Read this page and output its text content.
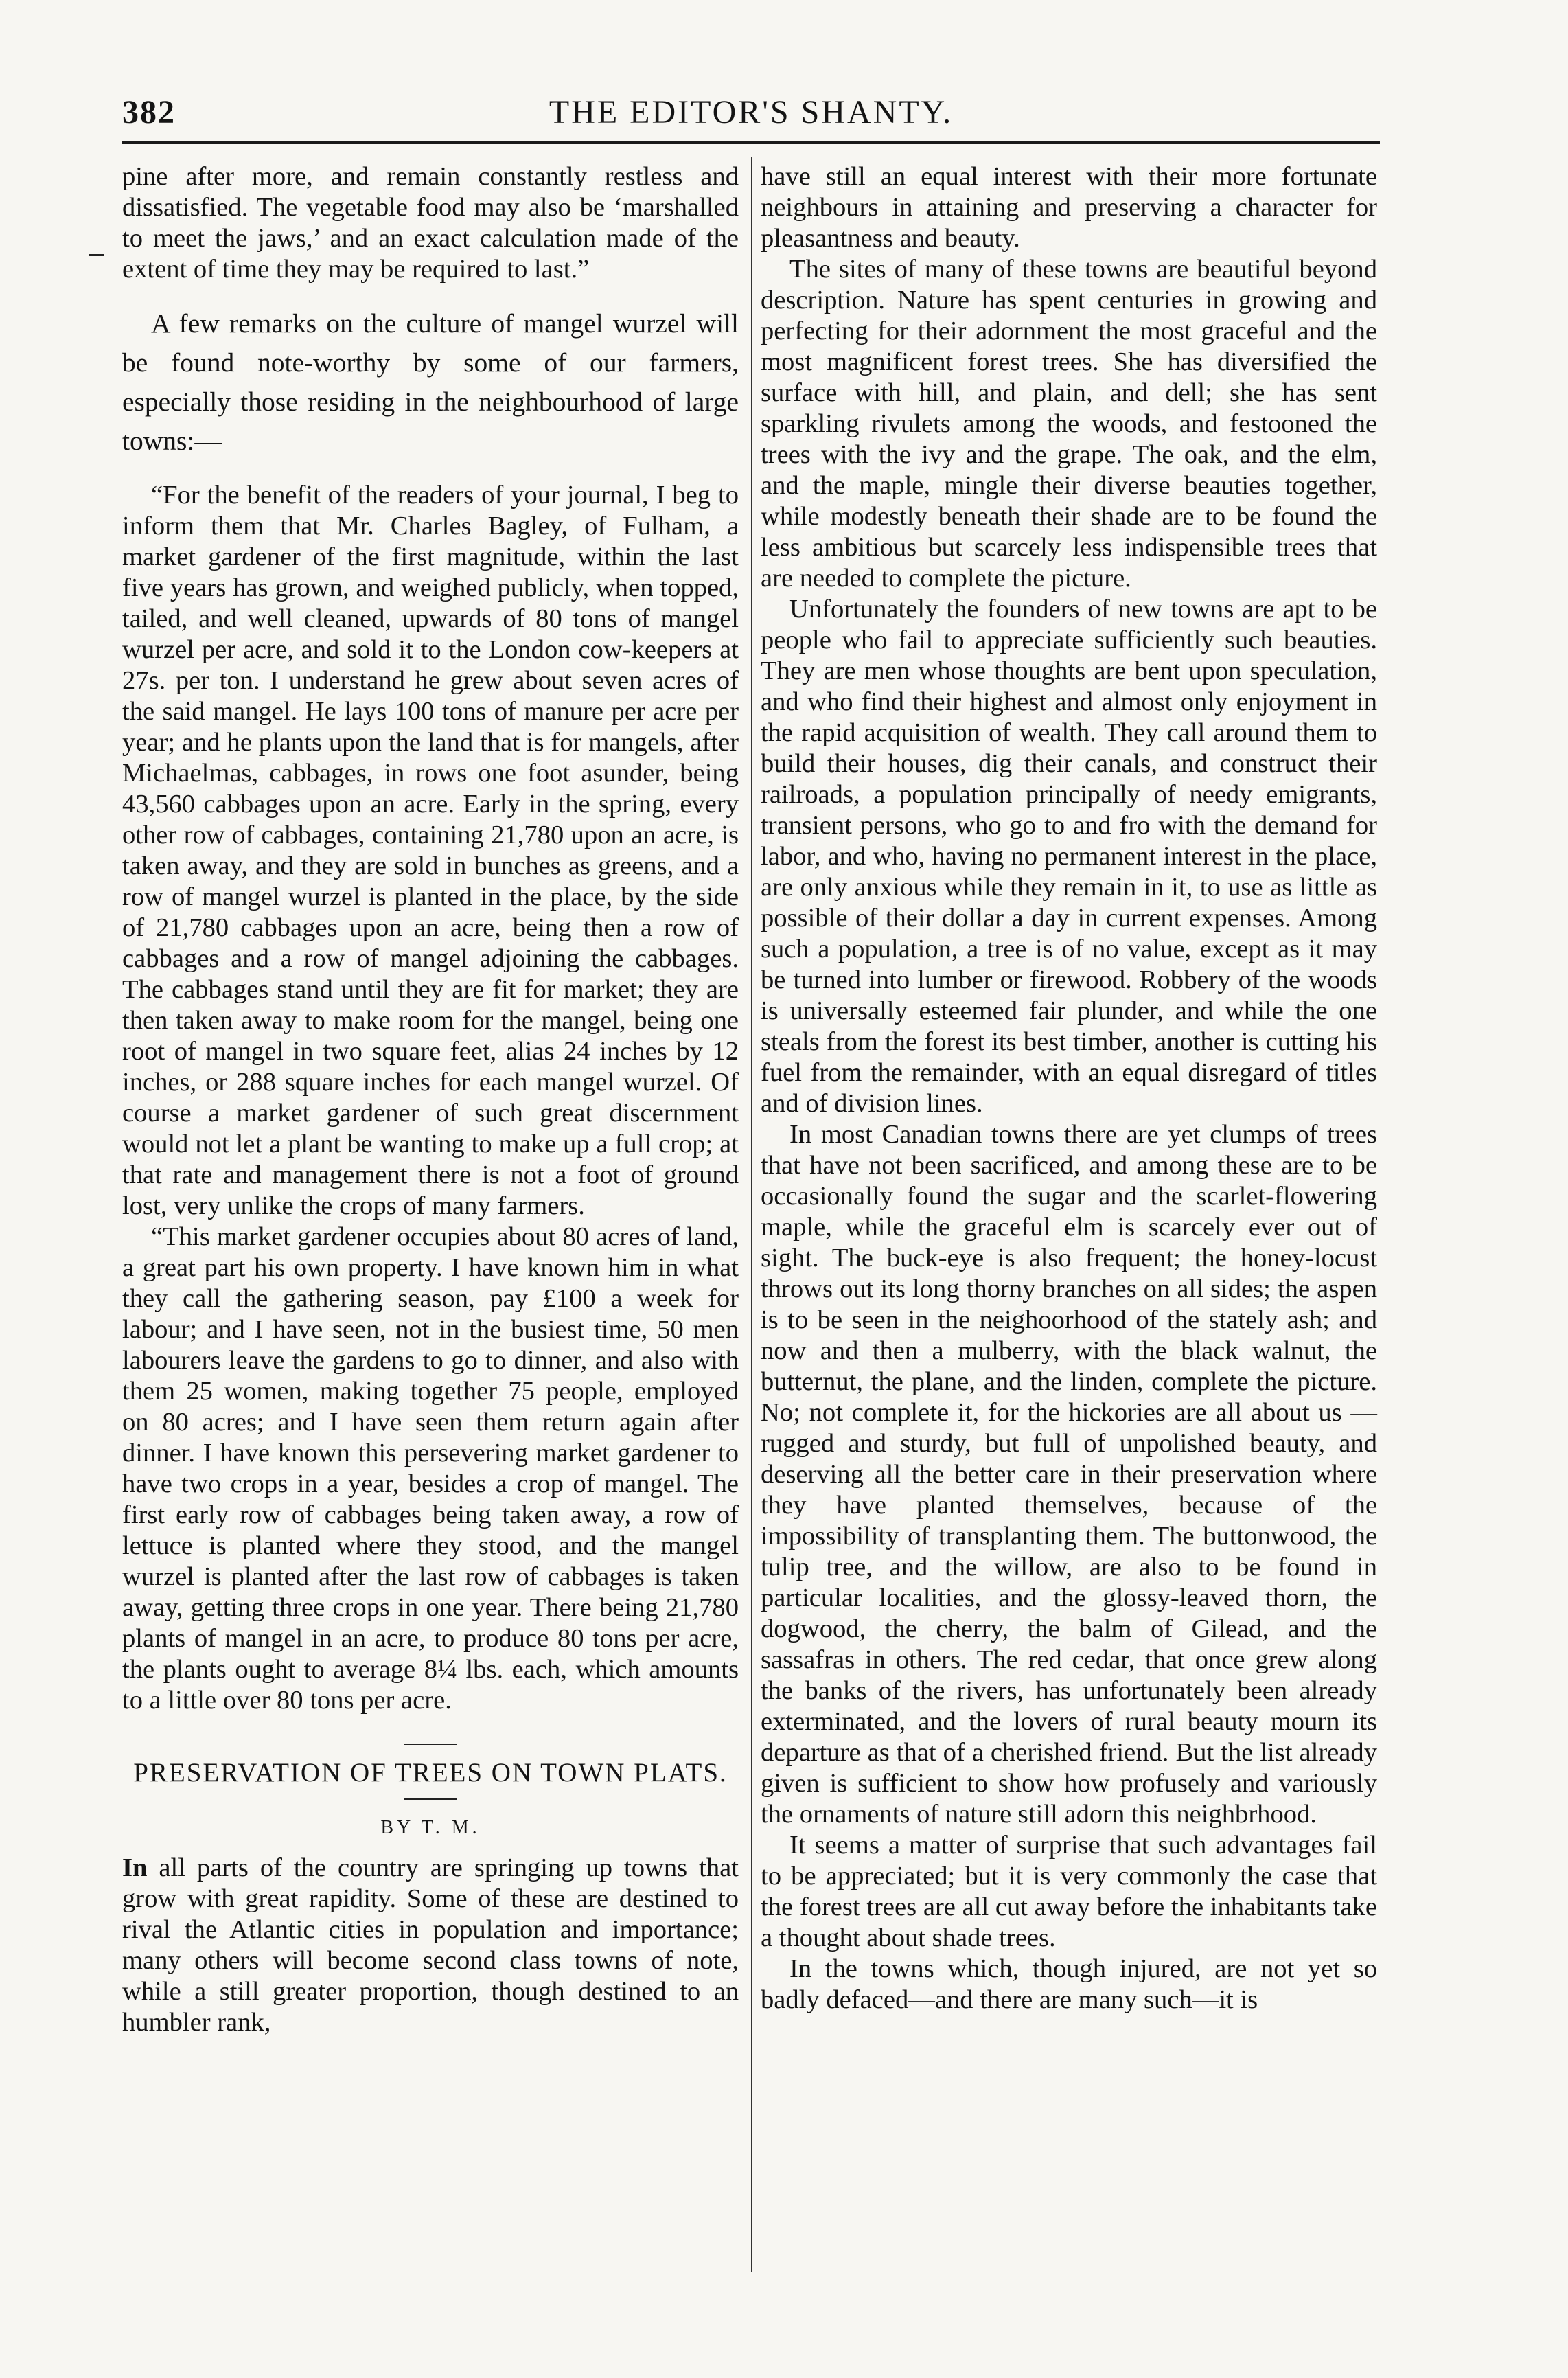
382	THE EDITOR'S SHANTY.

pine after more, and remain constantly restless and dissatisfied. The vegetable food may also be ‘marshalled to meet the jaws,’ and an exact calculation made of the extent of time they may be required to last.”

A few remarks on the culture of mangel wurzel will be found note-worthy by some of our farmers, especially those residing in the neighbourhood of large towns:—

“For the benefit of the readers of your journal, I beg to inform them that Mr. Charles Bagley, of Fulham, a market gardener of the first magnitude, within the last five years has grown, and weighed publicly, when topped, tailed, and well cleaned, upwards of 80 tons of mangel wurzel per acre, and sold it to the London cow-keepers at 27s. per ton. I understand he grew about seven acres of the said mangel. He lays 100 tons of manure per acre per year; and he plants upon the land that is for mangels, after Michaelmas, cabbages, in rows one foot asunder, being 43,560 cabbages upon an acre. Early in the spring, every other row of cabbages, containing 21,780 upon an acre, is taken away, and they are sold in bunches as greens, and a row of mangel wurzel is planted in the place, by the side of 21,780 cabbages upon an acre, being then a row of cabbages and a row of mangel adjoining the cabbages. The cabbages stand until they are fit for market; they are then taken away to make room for the mangel, being one root of mangel in two square feet, alias 24 inches by 12 inches, or 288 square inches for each mangel wurzel. Of course a market gardener of such great discernment would not let a plant be wanting to make up a full crop; at that rate and management there is not a foot of ground lost, very unlike the crops of many farmers.

“This market gardener occupies about 80 acres of land, a great part his own property. I have known him in what they call the gathering season, pay £100 a week for labour; and I have seen, not in the busiest time, 50 men labourers leave the gardens to go to dinner, and also with them 25 women, making together 75 people, employed on 80 acres; and I have seen them return again after dinner. I have known this persevering market gardener to have two crops in a year, besides a crop of mangel. The first early row of cabbages being taken away, a row of lettuce is planted where they stood, and the mangel wurzel is planted after the last row of cabbages is taken away, getting three crops in one year. There being 21,780 plants of mangel in an acre, to produce 80 tons per acre, the plants ought to average 8¼ lbs. each, which amounts to a little over 80 tons per acre.

PRESERVATION OF TREES ON TOWN PLATS.
BY T. M.

In all parts of the country are springing up towns that grow with great rapidity. Some of these are destined to rival the Atlantic cities in population and importance; many others will become second class towns of note, while a still greater proportion, though destined to an humbler rank,

have still an equal interest with their more fortunate neighbours in attaining and preserving a character for pleasantness and beauty.

The sites of many of these towns are beautiful beyond description. Nature has spent centuries in growing and perfecting for their adornment the most graceful and the most magnificent forest trees. She has diversified the surface with hill, and plain, and dell; she has sent sparkling rivulets among the woods, and festooned the trees with the ivy and the grape. The oak, and the elm, and the maple, mingle their diverse beauties together, while modestly beneath their shade are to be found the less ambitious but scarcely less indispensible trees that are needed to complete the picture.

Unfortunately the founders of new towns are apt to be people who fail to appreciate sufficiently such beauties. They are men whose thoughts are bent upon speculation, and who find their highest and almost only enjoyment in the rapid acquisition of wealth. They call around them to build their houses, dig their canals, and construct their railroads, a population principally of needy emigrants, transient persons, who go to and fro with the demand for labor, and who, having no permanent interest in the place, are only anxious while they remain in it, to use as little as possible of their dollar a day in current expenses. Among such a population, a tree is of no value, except as it may be turned into lumber or firewood. Robbery of the woods is universally esteemed fair plunder, and while the one steals from the forest its best timber, another is cutting his fuel from the remainder, with an equal disregard of titles and of division lines.

In most Canadian towns there are yet clumps of trees that have not been sacrificed, and among these are to be occasionally found the sugar and the scarlet-flowering maple, while the graceful elm is scarcely ever out of sight. The buck-eye is also frequent; the honey-locust throws out its long thorny branches on all sides; the aspen is to be seen in the neighoorhood of the stately ash; and now and then a mulberry, with the black walnut, the butternut, the plane, and the linden, complete the picture. No; not complete it, for the hickories are all about us — rugged and sturdy, but full of unpolished beauty, and deserving all the better care in their preservation where they have planted themselves, because of the impossibility of transplanting them. The buttonwood, the tulip tree, and the willow, are also to be found in particular localities, and the glossy-leaved thorn, the dogwood, the cherry, the balm of Gilead, and the sassafras in others. The red cedar, that once grew along the banks of the rivers, has unfortunately been already exterminated, and the lovers of rural beauty mourn its departure as that of a cherished friend. But the list already given is sufficient to show how profusely and variously the ornaments of nature still adorn this neighbrhood.

It seems a matter of surprise that such advantages fail to be appreciated; but it is very commonly the case that the forest trees are all cut away before the inhabitants take a thought about shade trees.

In the towns which, though injured, are not yet so badly defaced—and there are many such—it is
